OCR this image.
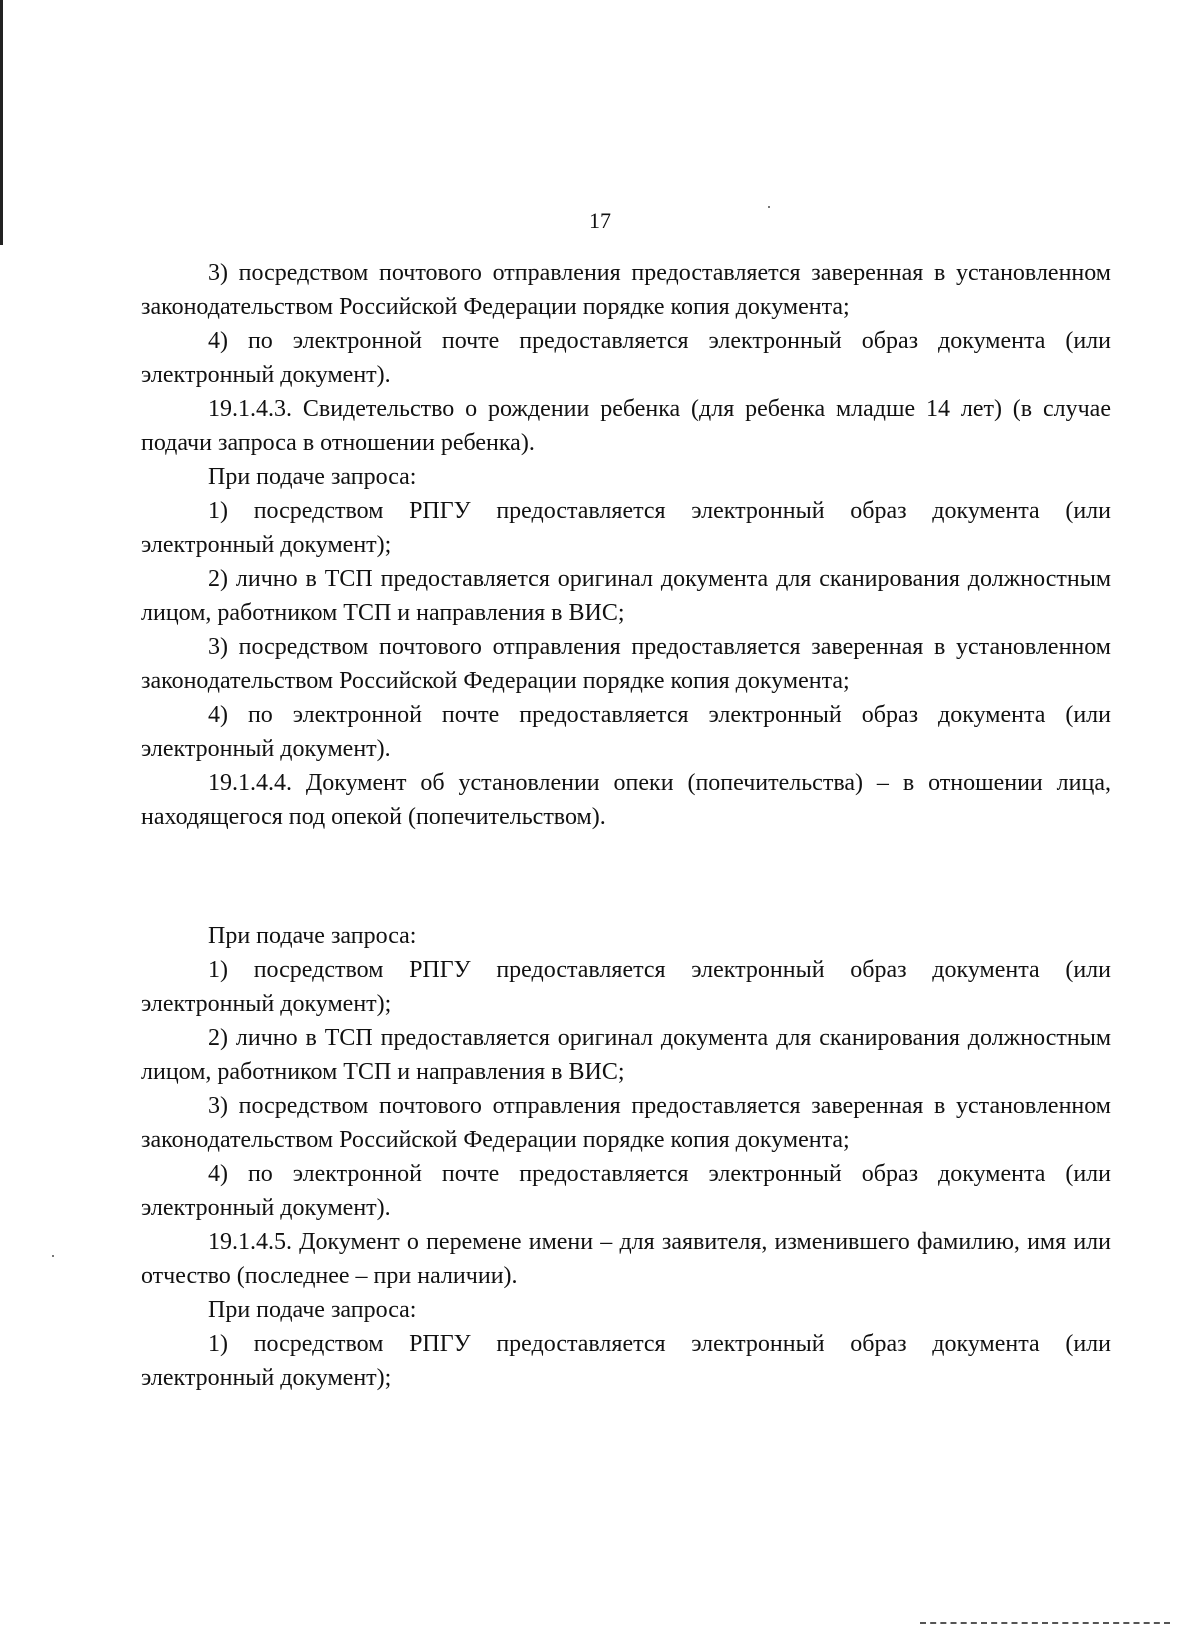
17

3) посредством почтового отправления предоставляется заверенная в установленном законодательством Российской Федерации порядке копия документа;

4) по электронной почте предоставляется электронный образ документа (или электронный документ).

19.1.4.3. Свидетельство о рождении ребенка (для ребенка младше 14 лет) (в случае подачи запроса в отношении ребенка).

При подаче запроса:

1) посредством РПГУ предоставляется электронный образ документа (или электронный документ);

2) лично в ТСП предоставляется оригинал документа для сканирования должностным лицом, работником ТСП и направления в ВИС;

3) посредством почтового отправления предоставляется заверенная в установленном законодательством Российской Федерации порядке копия документа;

4) по электронной почте предоставляется электронный образ документа (или электронный документ).

19.1.4.4. Документ об установлении опеки (попечительства) – в отношении лица, находящегося под опекой (попечительством).

При подаче запроса:

1) посредством РПГУ предоставляется электронный образ документа (или электронный документ);

2) лично в ТСП предоставляется оригинал документа для сканирования должностным лицом, работником ТСП и направления в ВИС;

3) посредством почтового отправления предоставляется заверенная в установленном законодательством Российской Федерации порядке копия документа;

4) по электронной почте предоставляется электронный образ документа (или электронный документ).

19.1.4.5. Документ о перемене имени – для заявителя, изменившего фамилию, имя или отчество (последнее – при наличии).

При подаче запроса:

1) посредством РПГУ предоставляется электронный образ документа (или электронный документ);
